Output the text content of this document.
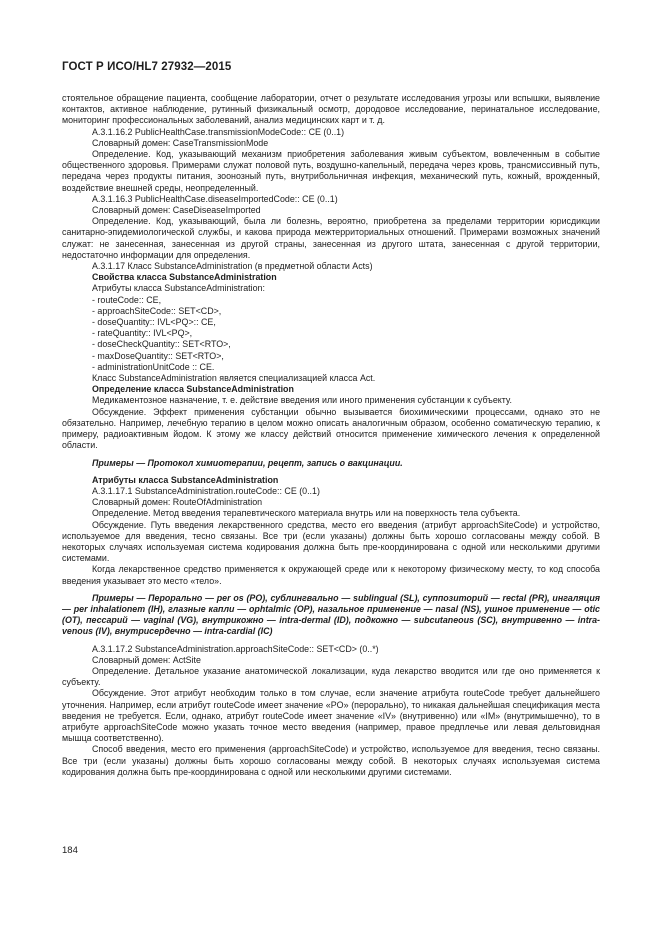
ГОСТ Р ИСО/HL7 27932—2015

стоятельное обращение пациента, сообщение лаборатории, отчет о результате исследования угрозы или вспышки, выявление контактов, активное наблюдение, рутинный физикальный осмотр, дородовое исследование, перинатальное исследование, мониторинг профессиональных заболеваний, анализ медицинских карт и т. д.

A.3.1.16.2 PublicHealthCase.transmissionModeCode:: CE (0..1)

Словарный домен: CaseTransmissionMode

Определение. Код, указывающий механизм приобретения заболевания живым субъектом, вовлеченным в событие общественного здоровья. Примерами служат половой путь, воздушно-капельный, передача через кровь, трансмиссивный путь, передача через продукты питания, зоонозный путь, внутрибольничная инфекция, механический путь, кожный, врожденный, воздействие внешней среды, неопределенный.

A.3.1.16.3 PublicHealthCase.diseaseImportedCode:: CE (0..1)

Словарный домен: CaseDiseaseImported

Определение. Код, указывающий, была ли болезнь, вероятно, приобретена за пределами территории юрисдикции санитарно-эпидемиологической службы, и какова природа межтерриториальных отношений. Примерами возможных значений служат: не занесенная, занесенная из другой страны, занесенная из другого штата, занесенная с другой территории, недостаточно информации для определения.

A.3.1.17 Класс SubstanceAdministration (в предметной области Acts)

Свойства класса SubstanceAdministration

Атрибуты класса SubstanceAdministration:

- routeCode:: CE,
- approachSiteCode:: SET<CD>,
- doseQuantity:: IVL<PQ>:: CE,
- rateQuantity:: IVL<PQ>,
- doseCheckQuantity:: SET<RTO>,
- maxDoseQuantity:: SET<RTO>,
- administrationUnitCode :: CE.

Класс SubstanceAdministration является специализацией класса Act.

Определение класса SubstanceAdministration

Медикаментозное назначение, т. е. действие введения или иного применения субстанции к субъекту.

Обсуждение. Эффект применения субстанции обычно вызывается биохимическими процессами, однако это не обязательно. Например, лечебную терапию в целом можно описать аналогичным образом, особенно соматическую терапию, к примеру, радиоактивным йодом. К этому же классу действий относится применение химического лечения к определенной области.

Примеры — Протокол химиотерапии, рецепт, запись о вакцинации.

Атрибуты класса SubstanceAdministration

A.3.1.17.1 SubstanceAdministration.routeCode:: CE (0..1)

Словарный домен: RouteOfAdministration

Определение. Метод введения терапевтического материала внутрь или на поверхность тела субъекта.

Обсуждение. Путь введения лекарственного средства, место его введения (атрибут approachSiteCode) и устройство, используемое для введения, тесно связаны. Все три (если указаны) должны быть хорошо согласованы между собой. В некоторых случаях используемая система кодирования должна быть пре-координирована с одной или несколькими другими системами.

Когда лекарственное средство применяется к окружающей среде или к некоторому физическому месту, то код способа введения указывает это место «тело».

Примеры — Перорально — per os (PO), сублингвально — sublingual (SL), суппозиторий — rectal (PR), ингаляция — per inhalationem (IH), глазные капли — ophtalmic (OP), назальное применение — nasal (NS), ушное применение — otic (OT), пессарий — vaginal (VG), внутрикожно — intra-dermal (ID), подкожно — subcutaneous (SC), внутривенно — intra-venous (IV), внутрисердечно — intra-cardial (IC)

A.3.1.17.2 SubstanceAdministration.approachSiteCode:: SET<CD> (0..*)

Словарный домен: ActSite

Определение. Детальное указание анатомической локализации, куда лекарство вводится или где оно применяется к субъекту.

Обсуждение. Этот атрибут необходим только в том случае, если значение атрибута routeCode требует дальнейшего уточнения. Например, если атрибут routeCode имеет значение «PO» (перорально), то никакая дальнейшая спецификация места введения не требуется. Если, однако, атрибут routeCode имеет значение «IV» (внутривенно) или «IM» (внутримышечно), то в атрибуте approachSiteCode можно указать точное место введения (например, правое предплечье или левая дельтовидная мышца соответственно).

Способ введения, место его применения (approachSiteCode) и устройство, используемое для введения, тесно связаны. Все три (если указаны) должны быть хорошо согласованы между собой. В некоторых случаях используемая система кодирования должна быть пре-координирована с одной или несколькими другими системами.

184
